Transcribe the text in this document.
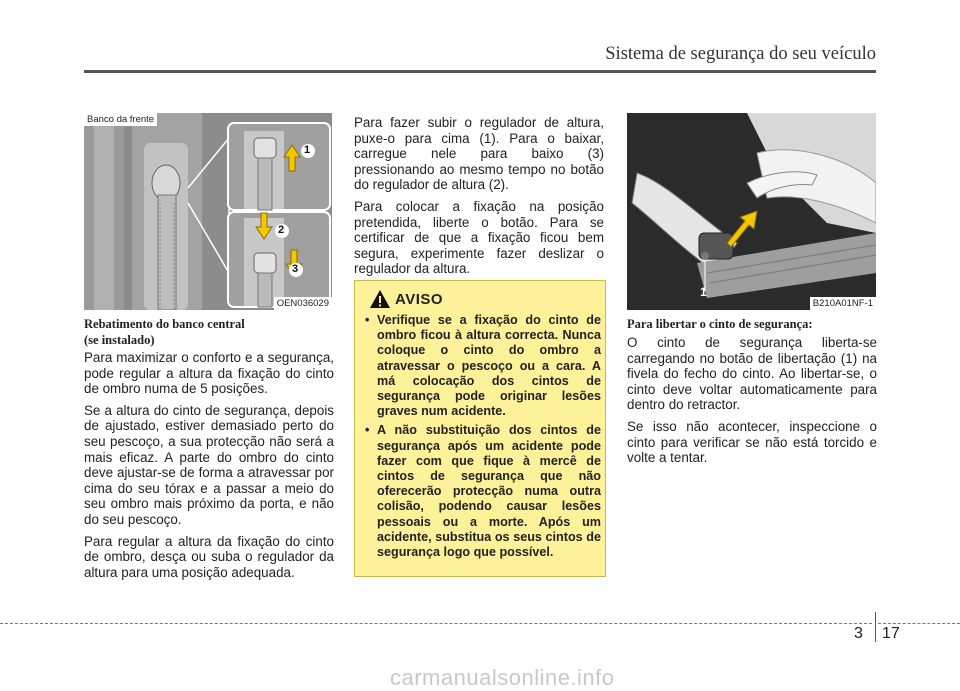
Sistema de segurança do seu veículo
Banco da frente
1
2
3
OEN036029
Rebatimento do banco central
(se instalado)

Para maximizar o conforto e a segurança, pode regular a altura da fixação do cinto de ombro numa de 5 posições.

Se a altura do cinto de segurança, depois de ajustado, estiver demasiado perto do seu pescoço, a sua protecção não será a mais eficaz. A parte do ombro do cinto deve ajustar-se de forma a atravessar por cima do seu tórax e a passar a meio do seu ombro mais próximo da porta, e não do seu pescoço.

Para regular a altura da fixação do cinto de ombro, desça ou suba o regulador da altura para uma posição adequada.

Para fazer subir o regulador de altura, puxe-o para cima (1). Para o baixar, carregue nele para baixo (3) pressionando ao mesmo tempo no botão do regulador de altura (2).

Para colocar a fixação na posição pretendida, liberte o botão. Para se certificar de que a fixação ficou bem segura, experimente fazer deslizar o regulador da altura.

AVISO
• Verifique se a fixação do cinto de ombro ficou à altura correcta. Nunca coloque o cinto do ombro a atravessar o pescoço ou a cara. A má colocação dos cintos de segurança pode originar lesões graves num acidente.
• A não substituição dos cintos de segurança após um acidente pode fazer com que fique à mercê de cintos de segurança que não oferecerão protecção numa outra colisão, podendo causar lesões pessoais ou a morte. Após um acidente, substitua os seus cintos de segurança logo que possível.
1
B210A01NF-1
Para libertar o cinto de segurança:

O cinto de segurança liberta-se carregando no botão de libertação (1) na fivela do fecho do cinto. Ao libertar-se, o cinto deve voltar automaticamente para dentro do retractor.

Se isso não acontecer, inspeccione o cinto para verificar se não está torcido e volte a tentar.

3 17
carmanualsonline.info
